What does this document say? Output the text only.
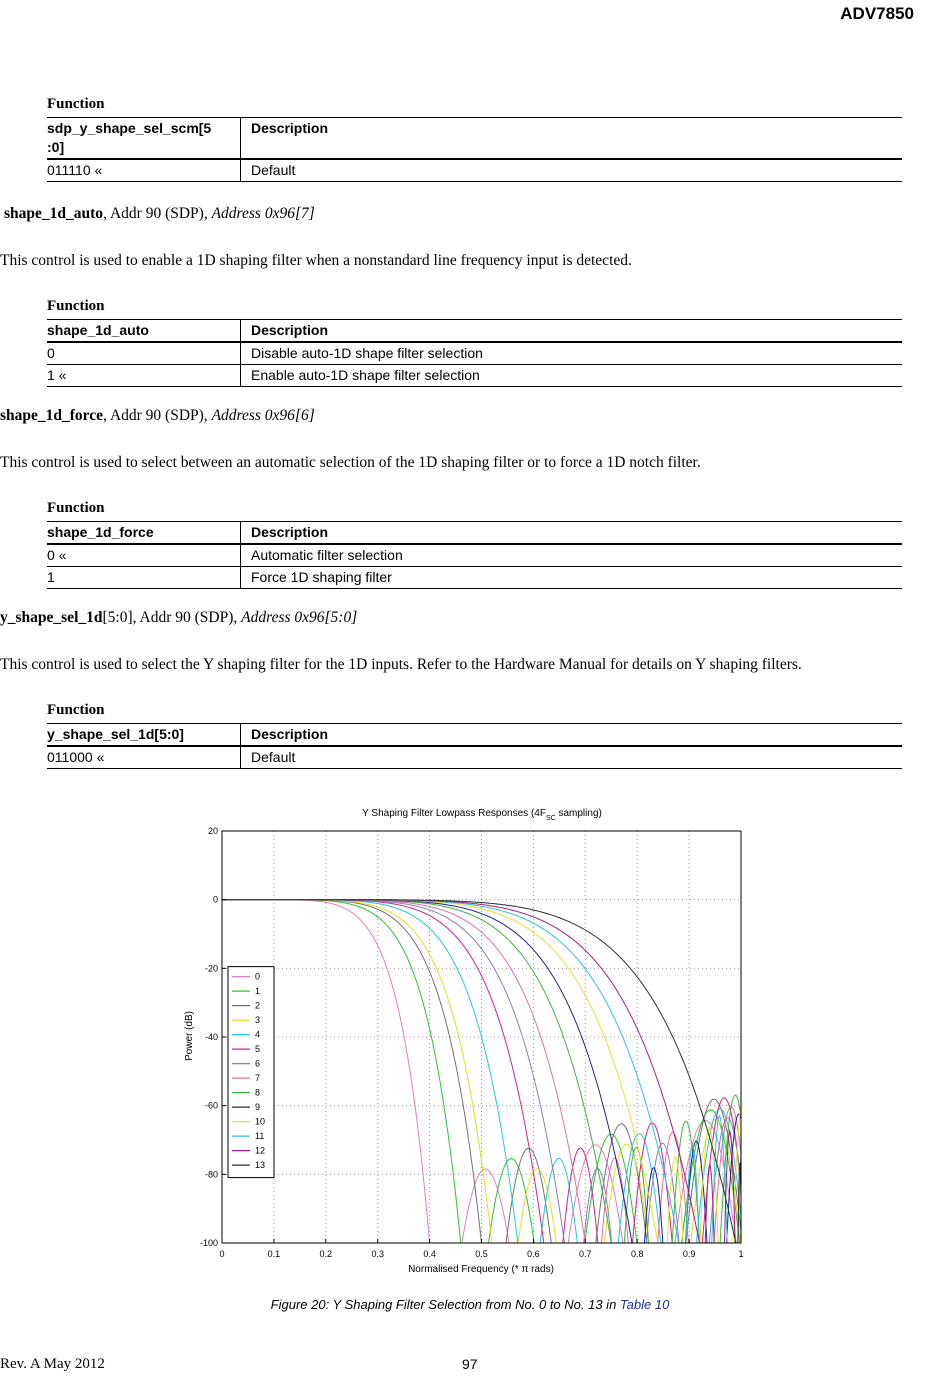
ADV7850
Function
sdp_y_shape_sel_scm[5
:0]	Description
011110 «	Default
shape_1d_auto, Addr 90 (SDP), Address 0x96[7]
This control is used to enable a 1D shaping filter when a nonstandard line frequency input is detected.
Function
shape_1d_auto	Description
0	Disable auto-1D shape filter selection
1 «	Enable auto-1D shape filter selection
shape_1d_force, Addr 90 (SDP), Address 0x96[6]
This control is used to select between an automatic selection of the 1D shaping filter or to force a 1D notch filter.
Function
shape_1d_force	Description
0 «	Automatic filter selection
1	Force 1D shaping filter
y_shape_sel_1d[5:0], Addr 90 (SDP), Address 0x96[5:0]
This control is used to select the Y shaping filter for the 1D inputs. Refer to the Hardware Manual for details on Y shaping filters.
Function
y_shape_sel_1d[5:0]	Description
011000 «	Default
Y Shaping Filter Lowpass Responses ($4F_{SC}$ sampling)
0	0.1	0.2	0.3	0.4	0.5	0.6	0.7	0.8	0.9	1
20
0
-20
-40
-60
-80
-100
0
1
2
3
4
5
6
7
8
9
10
11
12
13
Normalised Frequency (* π rads)
Power (dB)
Figure 20: Y Shaping Filter Selection from No. 0 to No. 13 in Table 10
Rev. A May 2012	97
